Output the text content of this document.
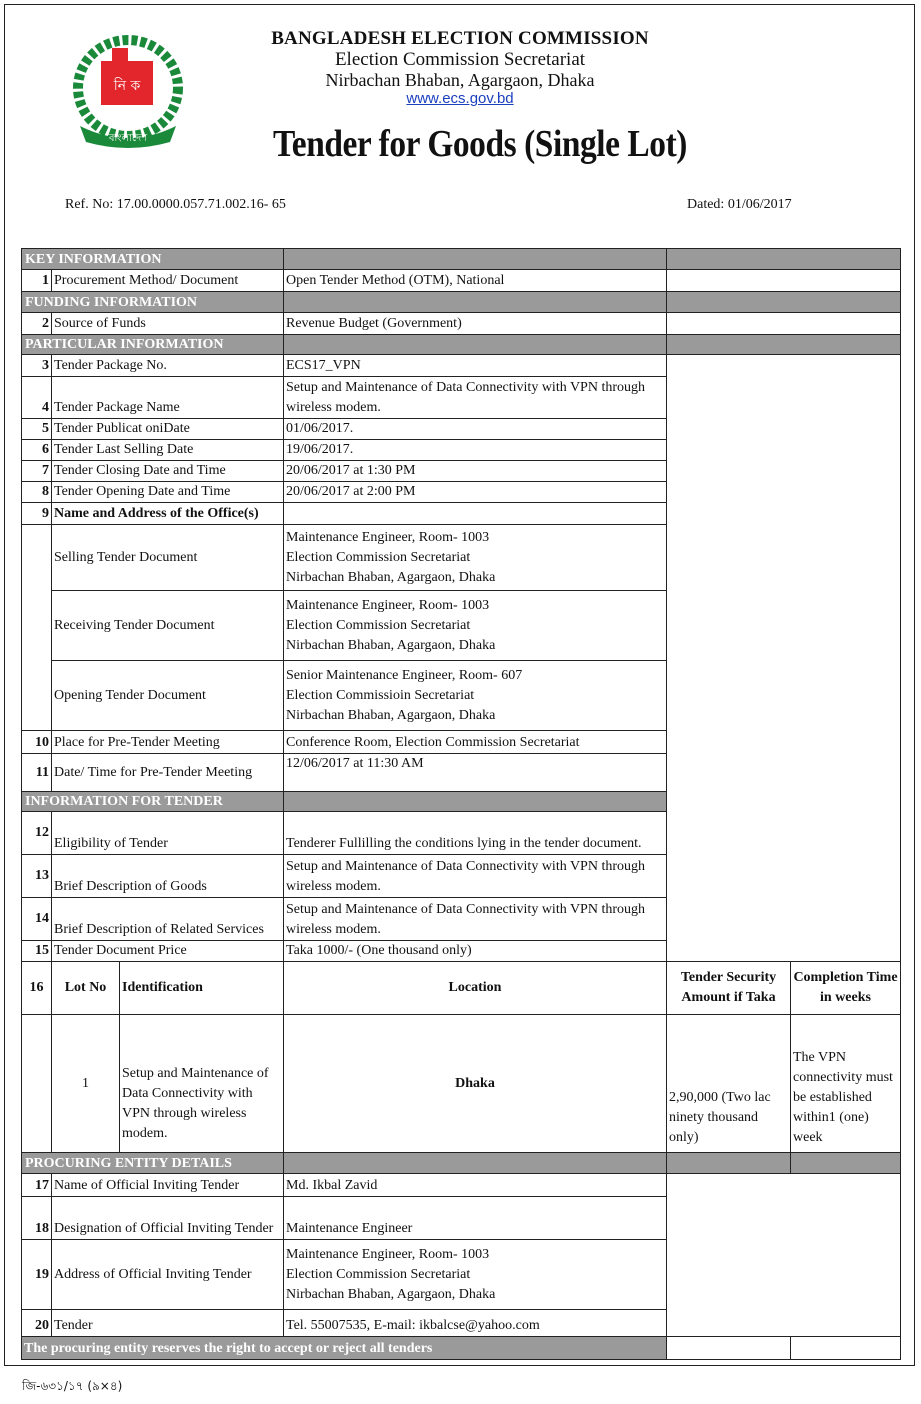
নি ক
বাংলাদেশ
BANGLADESH ELECTION COMMISSION
Election Commission Secretariat
Nirbachan Bhaban, Agargaon, Dhaka
www.ecs.gov.bd
Tender for Goods (Single Lot)
Ref. No: 17.00.0000.057.71.002.16- 65	Dated: 01/06/2017
KEY INFORMATION					
1	Procurement Method/ Document		Open Tender Method (OTM), National		
FUNDING INFORMATION					
2	Source of Funds		Revenue Budget (Government)		
PARTICULAR INFORMATION					
3	Tender Package No.		ECS17_VPN		
4	Tender Package Name		Setup and Maintenance of Data Connectivity with VPN through wireless modem.		
5	Tender Publicat oniDate		01/06/2017.		
6	Tender Last Selling Date		19/06/2017.		
7	Tender Closing Date and Time		20/06/2017 at 1:30 PM		
8	Tender Opening Date and Time		20/06/2017 at 2:00 PM		
9	Name and Address of the Office(s)				
	Selling Tender Document		Maintenance Engineer, Room- 1003
Election Commission Secretariat
Nirbachan Bhaban, Agargaon, Dhaka		

	Receiving Tender Document		Maintenance Engineer, Room- 1003
Election Commission Secretariat
Nirbachan Bhaban, Agargaon, Dhaka		

	Opening Tender Document		Senior Maintenance Engineer, Room- 607
Election Commissioin Secretariat
Nirbachan Bhaban, Agargaon, Dhaka		

10	Place for Pre-Tender Meeting		Conference Room, Election Commission Secretariat		
11	Date/ Time for Pre-Tender Meeting		12/06/2017 at 11:30 AM		
INFORMATION FOR TENDER					
12	Eligibility of Tender		Tenderer Fullilling the conditions lying in the tender document.		
13	Brief Description of Goods		Setup and Maintenance of Data Connectivity with VPN through wireless modem.		
14	Brief Description of Related Services		Setup and Maintenance of Data Connectivity with VPN through wireless modem.		
15	Tender Document Price		Taka 1000/- (One thousand only)		
16	Lot No	Identification	Location	Tender Security Amount if Taka	Completion Time in weeks
	1	Setup and Maintenance of Data Connectivity with VPN through wireless modem.	Dhaka	2,90,000 (Two lac ninety thousand only)	The VPN connectivity must be established within1 (one) week
PROCURING ENTITY DETAILS					
17	Name of Official Inviting Tender		Md. Ikbal Zavid		
18	Designation of Official Inviting Tender		Maintenance Engineer		
19	Address of Official Inviting Tender		Maintenance Engineer, Room- 1003
Election Commission Secretariat
Nirbachan Bhaban, Agargaon, Dhaka		

20	Tender		Tel. 55007535, E-mail: ikbalcse@yahoo.com		
The procuring entity reserves the right to accept or reject all tenders					
জি-৬৩১/১৭ (৯×৪)
